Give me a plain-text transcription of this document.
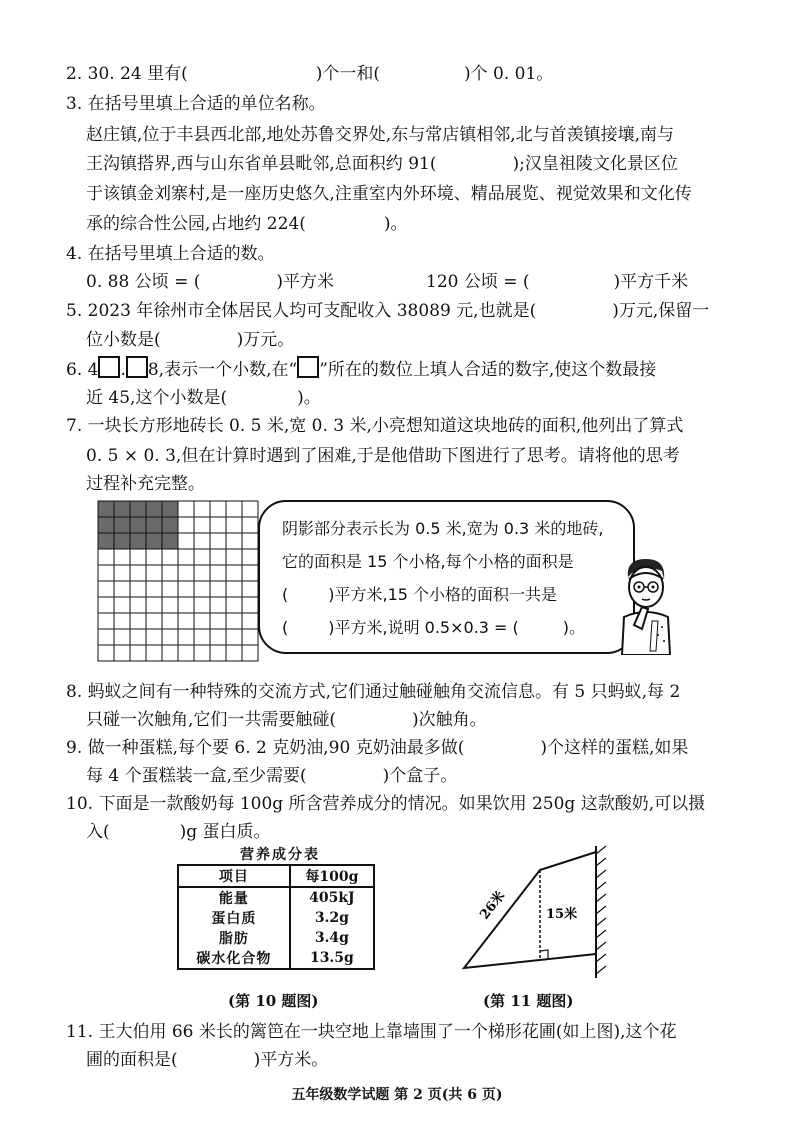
2. 30. 24 里有(	)个一和(	)个 0. 01。
3. 在括号里填上合适的单位名称。
赵庄镇,位于丰县西北部,地处苏鲁交界处,东与常店镇相邻,北与首羡镇接壤,南与
王沟镇搭界,西与山东省单县毗邻,总面积约 91(	);汉皇祖陵文化景区位
于该镇金刘寨村,是一座历史悠久,注重室内外环境、精品展览、视觉效果和文化传
承的综合性公园,占地约 224(	)。
4. 在括号里填上合适的数。
0. 88 公顷 = (	)平方米	120 公顷 = (	)平方千米
5. 2023 年徐州市全体居民人均可支配收入 38089 元,也就是(	)万元,保留一
位小数是(	)万元。
6. 4 . 8,表示一个小数,在“ ”所在的数位上填人合适的数字,使这个数最接
近 45,这个小数是(	)。
7. 一块长方形地砖长 0. 5 米,宽 0. 3 米,小亮想知道这块地砖的面积,他列出了算式
0. 5 × 0. 3,但在计算时遇到了困难,于是他借助下图进行了思考。请将他的思考
过程补充完整。
阴影部分表示长为 0.5 米,宽为 0.3 米的地砖,
它的面积是 15 个小格,每个小格的面积是
(	)平方米,15 个小格的面积一共是
(	)平方米,说明 0.5×0.3 = (	)。
8. 蚂蚁之间有一种特殊的交流方式,它们通过触碰触角交流信息。有 5 只蚂蚁,每 2
只碰一次触角,它们一共需要触碰(	)次触角。
9. 做一种蛋糕,每个要 6. 2 克奶油,90 克奶油最多做(	)个这样的蛋糕,如果
每 4 个蛋糕装一盒,至少需要(	)个盒子。
10. 下面是一款酸奶每 100g 所含营养成分的情况。如果饮用 250g 这款酸奶,可以摄
入(	)g 蛋白质。
营养成分表
项目	每100g
能量	405kJ
蛋白质	3.2g
脂肪	3.4g
碳水化合物	13.5g
(第 10 题图)
26米	15米
(第 11 题图)
11. 王大伯用 66 米长的篱笆在一块空地上靠墙围了一个梯形花圃(如上图),这个花
圃的面积是(	)平方米。
五年级数学试题 第 2 页(共 6 页)
